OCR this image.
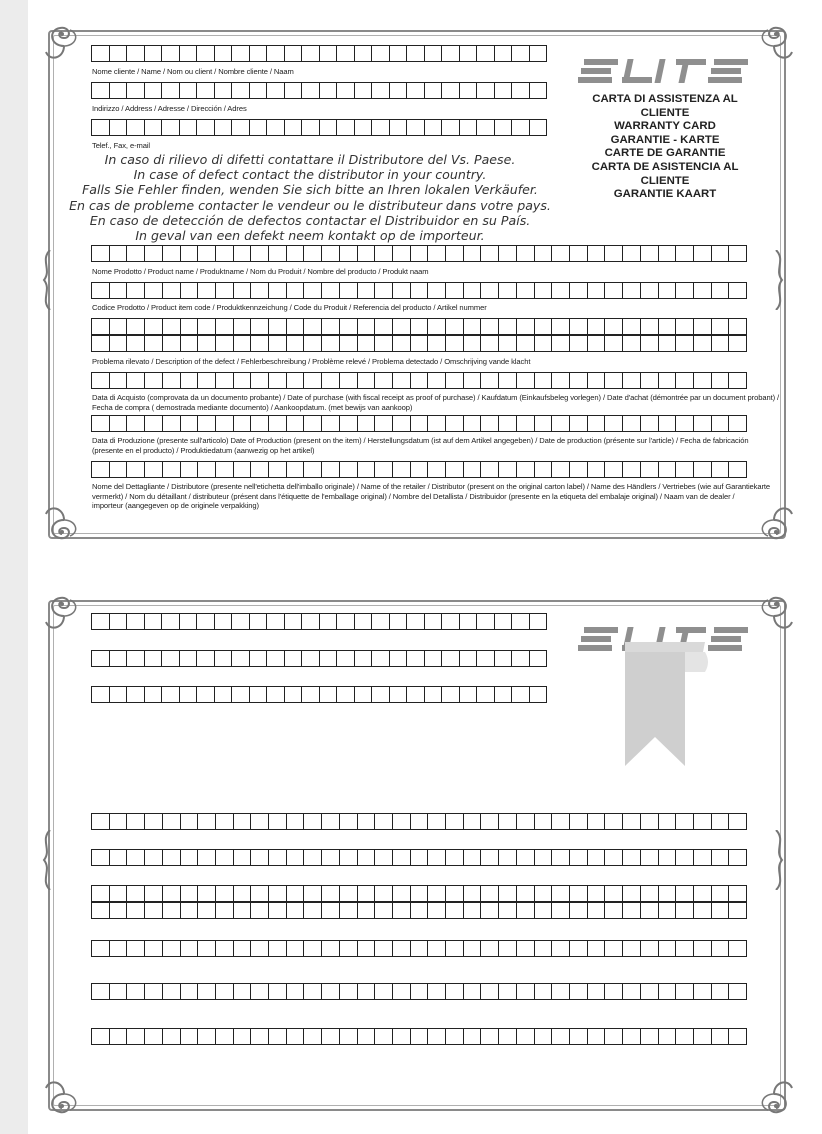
Nome cliente / Name / Nom ou client / Nombre cliente / Naam
Indirizzo / Address / Adresse / Dirección / Adres
Telef., Fax, e-mail
CARTA DI ASSISTENZA AL CLIENTE
WARRANTY CARD
GARANTIE - KARTE
CARTE DE GARANTIE
CARTA DE ASISTENCIA AL CLIENTE
GARANTIE KAART
In caso di rilievo di difetti contattare il Distributore del Vs. Paese.
In case of defect contact the distributor in your country.
Falls Sie Fehler finden, wenden Sie sich bitte an Ihren lokalen Verkäufer.
En cas de probleme contacter le vendeur ou le distributeur dans votre pays.
En caso de detección de defectos contactar el Distribuidor en su País.
In geval van een defekt neem kontakt op de importeur.
Nome Prodotto / Product name / Produktname / Nom du Produit / Nombre del producto / Produkt naam
Codice Prodotto / Product item code / Produktkennzeichung / Code du Produit / Referencia del producto / Artikel nummer
Problema rilevato / Description of the defect / Fehlerbeschreibung / Problème relevé / Problema detectado / Omschrijving vande klacht
Data di Acquisto (comprovata da un documento probante) / Date of purchase (with fiscal receipt as proof of purchase) / Kaufdatum (Einkaufsbeleg vorlegen) / Date d'achat (démontrée par un document probant) /
Fecha de compra ( demostrada mediante documento) / Aankoopdatum. (met bewijs van aankoop)
Data di Produzione (presente sull'articolo) Date of Production (present on the item) / Herstellungsdatum (ist auf dem Artikel angegeben) / Date de production (présente sur l'article) / Fecha de fabricación
(presente en el producto) / Produktiedatum (aanwezig op het artikel)
Nome del Dettagliante / Distributore (presente nell'etichetta dell'imballo originale) / Name of the retailer / Distributor (present on the original carton label) / Name des Händlers / Vertriebes (wie auf Garantiekarte
vermerkt) / Nom du détaillant / distributeur (présent dans l'étiquette de l'emballage original) / Nombre del Detallista / Distribuidor (presente en la etiqueta del embalaje original) / Naam van de dealer /
importeur (aangegeven op de originele verpakking)
